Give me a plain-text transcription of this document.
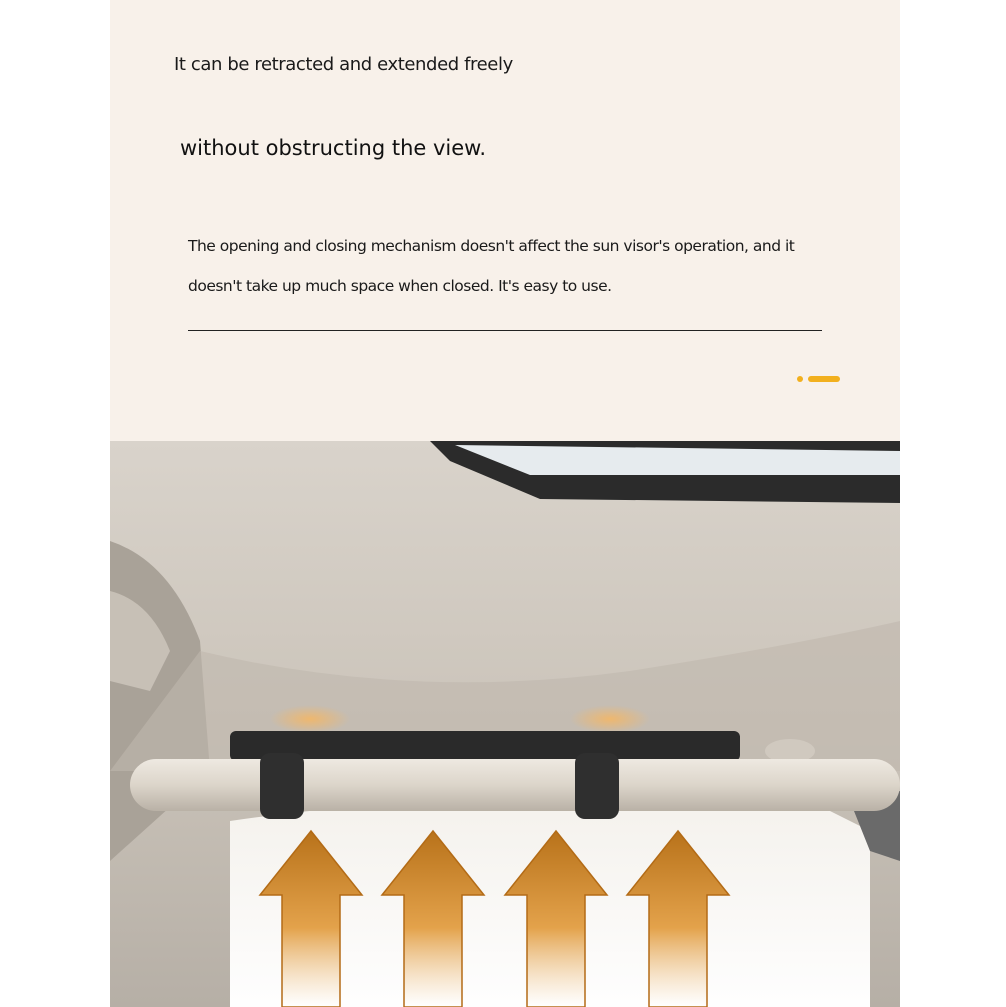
It can be retracted and extended freely
without obstructing the view.
The opening and closing mechanism doesn't affect the sun visor's operation, and it doesn't take up much space when closed. It's easy to use.
